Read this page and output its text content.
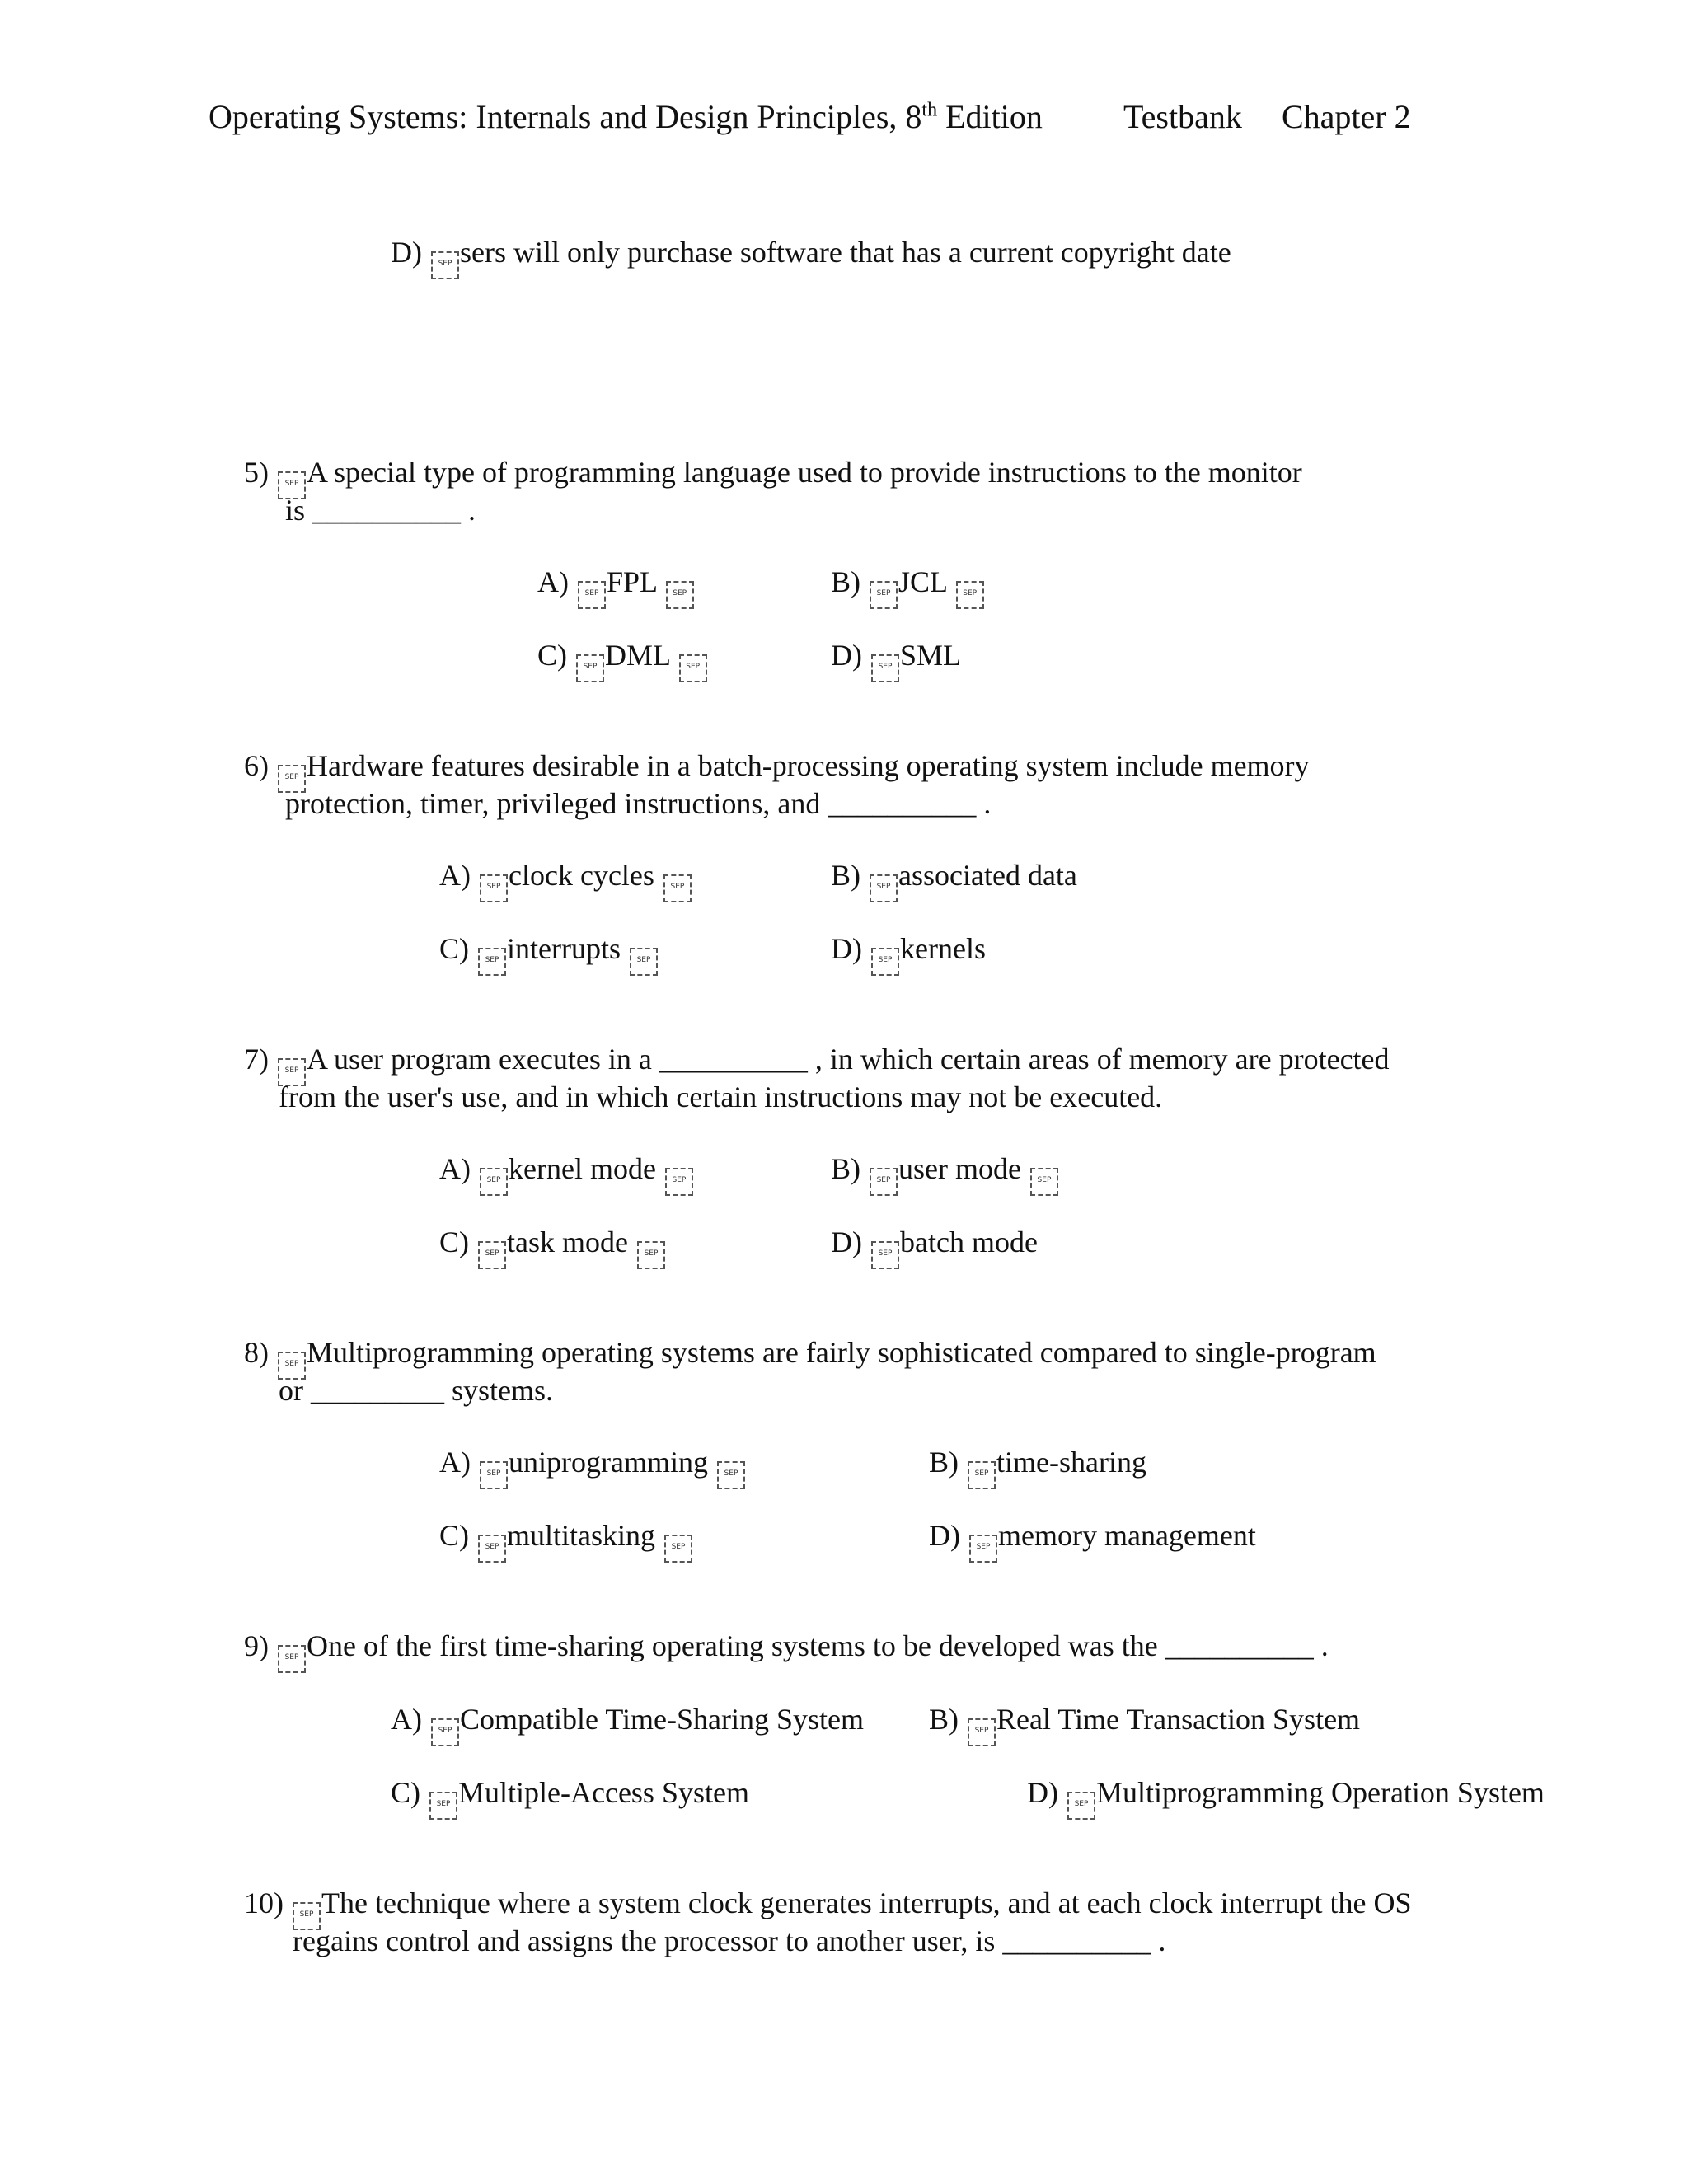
Operating Systems: Internals and Design Principles, 8th Edition Testbank Chapter 2
D) SEP sers will only purchase software that has a current copyright date
5) SEP A special type of programming language used to provide instructions to the monitor
is __________ .
A) SEP FPL SEP	B) SEP JCL SEP
C) SEP DML SEP	D) SEP SML
6) SEP Hardware features desirable in a batch-processing operating system include memory
protection, timer, privileged instructions, and __________ .
A) SEP clock cycles SEP	B) SEP associated data
C) SEP interrupts SEP	D) SEP kernels
7) SEP A user program executes in a __________ , in which certain areas of memory are protected
from the user's use, and in which certain instructions may not be executed.
A) SEP kernel mode SEP	B) SEP user mode SEP
C) SEP task mode SEP	D) SEP batch mode
8) SEP Multiprogramming operating systems are fairly sophisticated compared to single-program
or _________ systems.
A) SEP uniprogramming SEP	B) SEP time-sharing
C) SEP multitasking SEP	D) SEP memory management
9) SEP One of the first time-sharing operating systems to be developed was the __________ .
A) SEP Compatible Time-Sharing System B) SEP Real Time Transaction System
C) SEP Multiple-Access System	D) SEP Multiprogramming Operation System
10) SEP The technique where a system clock generates interrupts, and at each clock interrupt the OS
regains control and assigns the processor to another user, is __________ .
